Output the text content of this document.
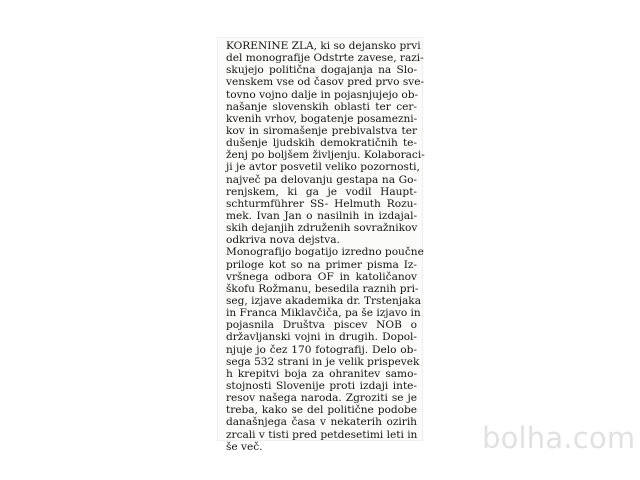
KORENINE ZLA, ki so dejansko prvi
del monografije Odstrte zavese, razi-
skujejo politična dogajanja na Slo-
venskem vse od časov pred prvo sve-
tovno vojno dalje in pojasnjujejo ob-
našanje slovenskih oblasti ter cer-
kvenih vrhov, bogatenje posamezni-
kov in siromašenje prebivalstva ter
dušenje ljudskih demokratičnih te-
ženj po boljšem življenju. Kolaboraci-
ji je avtor posvetil veliko pozornosti,
največ pa delovanju gestapa na Go-
renjskem, ki ga je vodil Haupt-
schturmführer SS- Helmuth Rozu-
mek. Ivan Jan o nasilnih in izdajal-
skih dejanjih združenih sovražnikov
odkriva nova dejstva.
Monografijo bogatijo izredno poučne
priloge kot so na primer pisma Iz-
vršnega odbora OF in katoličanov
škofu Rožmanu, besedila raznih pri-
seg, izjave akademika dr. Trstenjaka
in Franca Miklavčiča, pa še izjavo in
pojasnila Društva piscev NOB o
državljanski vojni in drugih. Dopol-
njuje jo čez 170 fotografij. Delo ob-
sega 532 strani in je velik prispevek
h krepitvi boja za ohranitev samo-
stojnosti Slovenije proti izdaji inte-
resov našega naroda. Zgroziti se je
treba, kako se del politične podobe
današnjega časa v nekaterih ozirih
zrcali v tisti pred petdesetimi leti in
še več.	bolha.com
